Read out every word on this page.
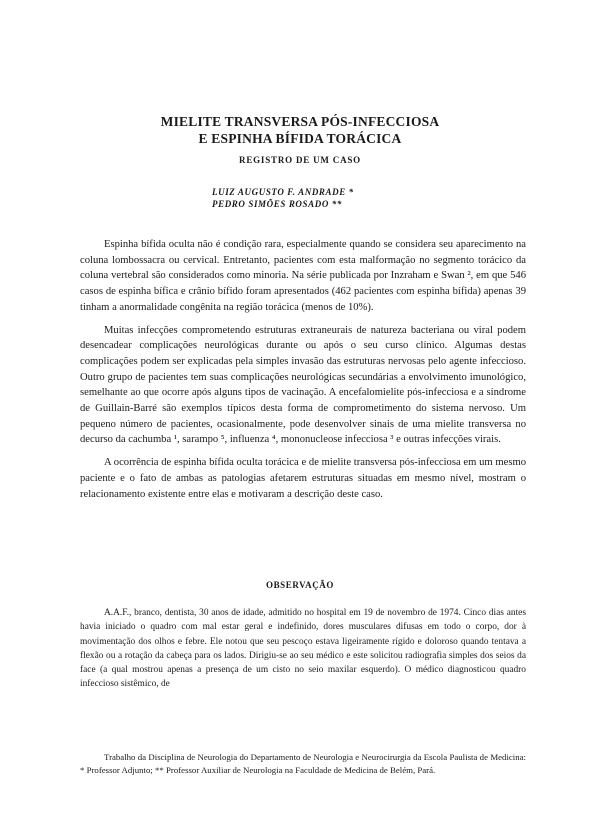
MIELITE TRANSVERSA PÓS-INFECCIOSA
E ESPINHA BÍFIDA TORÁCICA
REGISTRO DE UM CASO
LUIZ AUGUSTO F. ANDRADE *
PEDRO SIMÕES ROSADO **

Espinha bífida oculta não é condição rara, especialmente quando se considera seu aparecimento na coluna lombossacra ou cervical. Entretanto, pacientes com esta malformação no segmento torácico da coluna vertebral são considerados como minoria. Na série publicada por Inzraham e Swan ², em que 546 casos de espinha bífica e crânio bífido foram apresentados (462 pacientes com espinha bífida) apenas 39 tinham a anormalidade congênita na região torácica (menos de 10%).

Muitas infecções comprometendo estruturas extraneurais de natureza bacteriana ou viral podem desencadear complicações neurológicas durante ou após o seu curso clínico. Algumas destas complicações podem ser explicadas pela simples invasão das estruturas nervosas pelo agente infeccioso. Outro grupo de pacientes tem suas complicações neurológicas secundárias a envolvimento imunológico, semelhante ao que ocorre após alguns tipos de vacinação. A encefalomielite pós-infecciosa e a síndrome de Guillain-Barré são exemplos típicos desta forma de comprometimento do sistema nervoso. Um pequeno número de pacientes, ocasionalmente, pode desenvolver sinais de uma mielite transversa no decurso da cachumba ¹, sarampo ⁵, influenza ⁴, mononucleose infecciosa ³ e outras infecções virais.

A ocorrência de espinha bífida oculta torácica e de mielite transversa pós-infecciosa em um mesmo paciente e o fato de ambas as patologias afetarem estruturas situadas em mesmo nível, mostram o relacionamento existente entre elas e motivaram a descrição deste caso.

OBSERVAÇÃO

A.A.F., branco, dentista, 30 anos de idade, admitido no hospital em 19 de novembro de 1974. Cinco dias antes havia iniciado o quadro com mal estar geral e indefinido, dores musculares difusas em todo o corpo, dor à movimentação dos olhos e febre. Ele notou que seu pescoço estava ligeiramente rígido e doloroso quando tentava a flexão ou a rotação da cabeça para os lados. Dirigiu-se ao seu médico e este solicitou radiografia simples dos seios da face (a qual mostrou apenas a presença de um cisto no seio maxilar esquerdo). O médico diagnosticou quadro infeccioso sistêmico, de

Trabalho da Disciplina de Neurologia do Departamento de Neurologia e Neurocirurgia da Escola Paulista de Medicina: * Professor Adjunto; ** Professor Auxiliar de Neurologia na Faculdade de Medicina de Belém, Pará.
